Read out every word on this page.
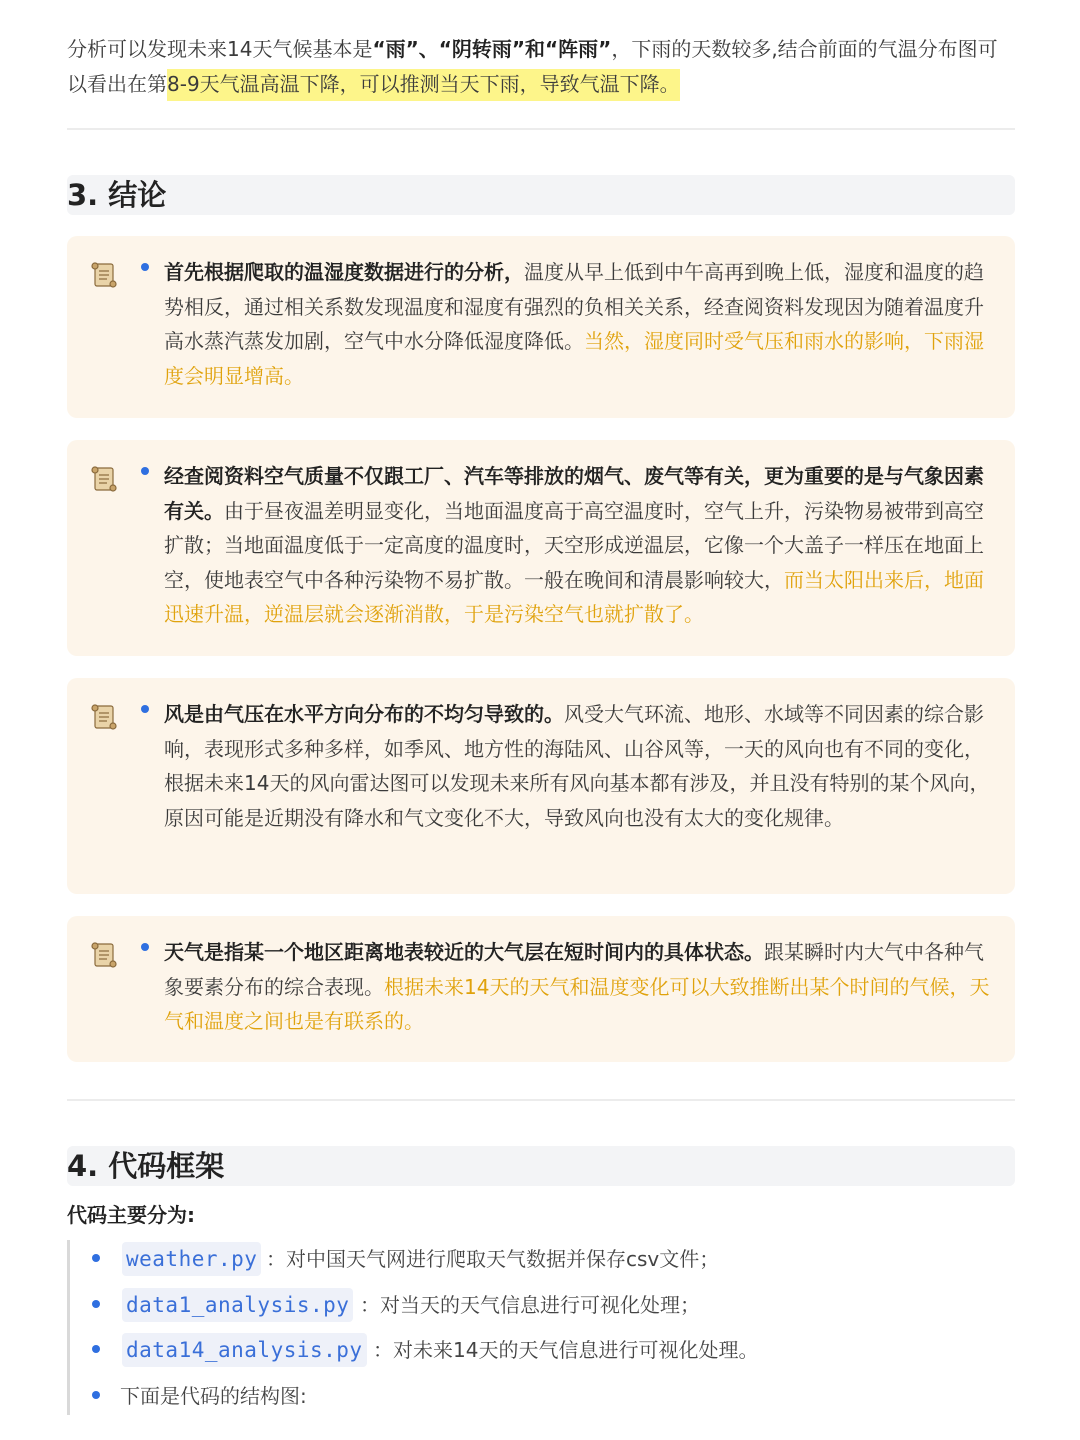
分析可以发现未来14天气候基本是“雨”、“阴转雨”和“阵雨”，下雨的天数较多,结合前面的气温分布图可以看出在第8-9天气温高温下降，可以推测当天下雨，导致气温下降。

3. 结论

首先根据爬取的温湿度数据进行的分析，温度从早上低到中午高再到晚上低，湿度和温度的趋势相反，通过相关系数发现温度和湿度有强烈的负相关关系，经查阅资料发现因为随着温度升高水蒸汽蒸发加剧，空气中水分降低湿度降低。当然，湿度同时受气压和雨水的影响，下雨湿度会明显增高。

经查阅资料空气质量不仅跟工厂、汽车等排放的烟气、废气等有关，更为重要的是与气象因素有关。由于昼夜温差明显变化，当地面温度高于高空温度时，空气上升，污染物易被带到高空扩散；当地面温度低于一定高度的温度时，天空形成逆温层，它像一个大盖子一样压在地面上空，使地表空气中各种污染物不易扩散。一般在晚间和清晨影响较大，而当太阳出来后，地面迅速升温，逆温层就会逐渐消散，于是污染空气也就扩散了。

风是由气压在水平方向分布的不均匀导致的。风受大气环流、地形、水域等不同因素的综合影响，表现形式多种多样，如季风、地方性的海陆风、山谷风等，一天的风向也有不同的变化，根据未来14天的风向雷达图可以发现未来所有风向基本都有涉及，并且没有特别的某个风向，原因可能是近期没有降水和气文变化不大，导致风向也没有太大的变化规律。

天气是指某一个地区距离地表较近的大气层在短时间内的具体状态。跟某瞬时内大气中各种气象要素分布的综合表现。根据未来14天的天气和温度变化可以大致推断出某个时间的气候，天气和温度之间也是有联系的。

4. 代码框架

代码主要分为:

weather.py ：对中国天气网进行爬取天气数据并保存csv文件；
data1_analysis.py ：对当天的天气信息进行可视化处理；
data14_analysis.py ：对未来14天的天气信息进行可视化处理。
下面是代码的结构图:
